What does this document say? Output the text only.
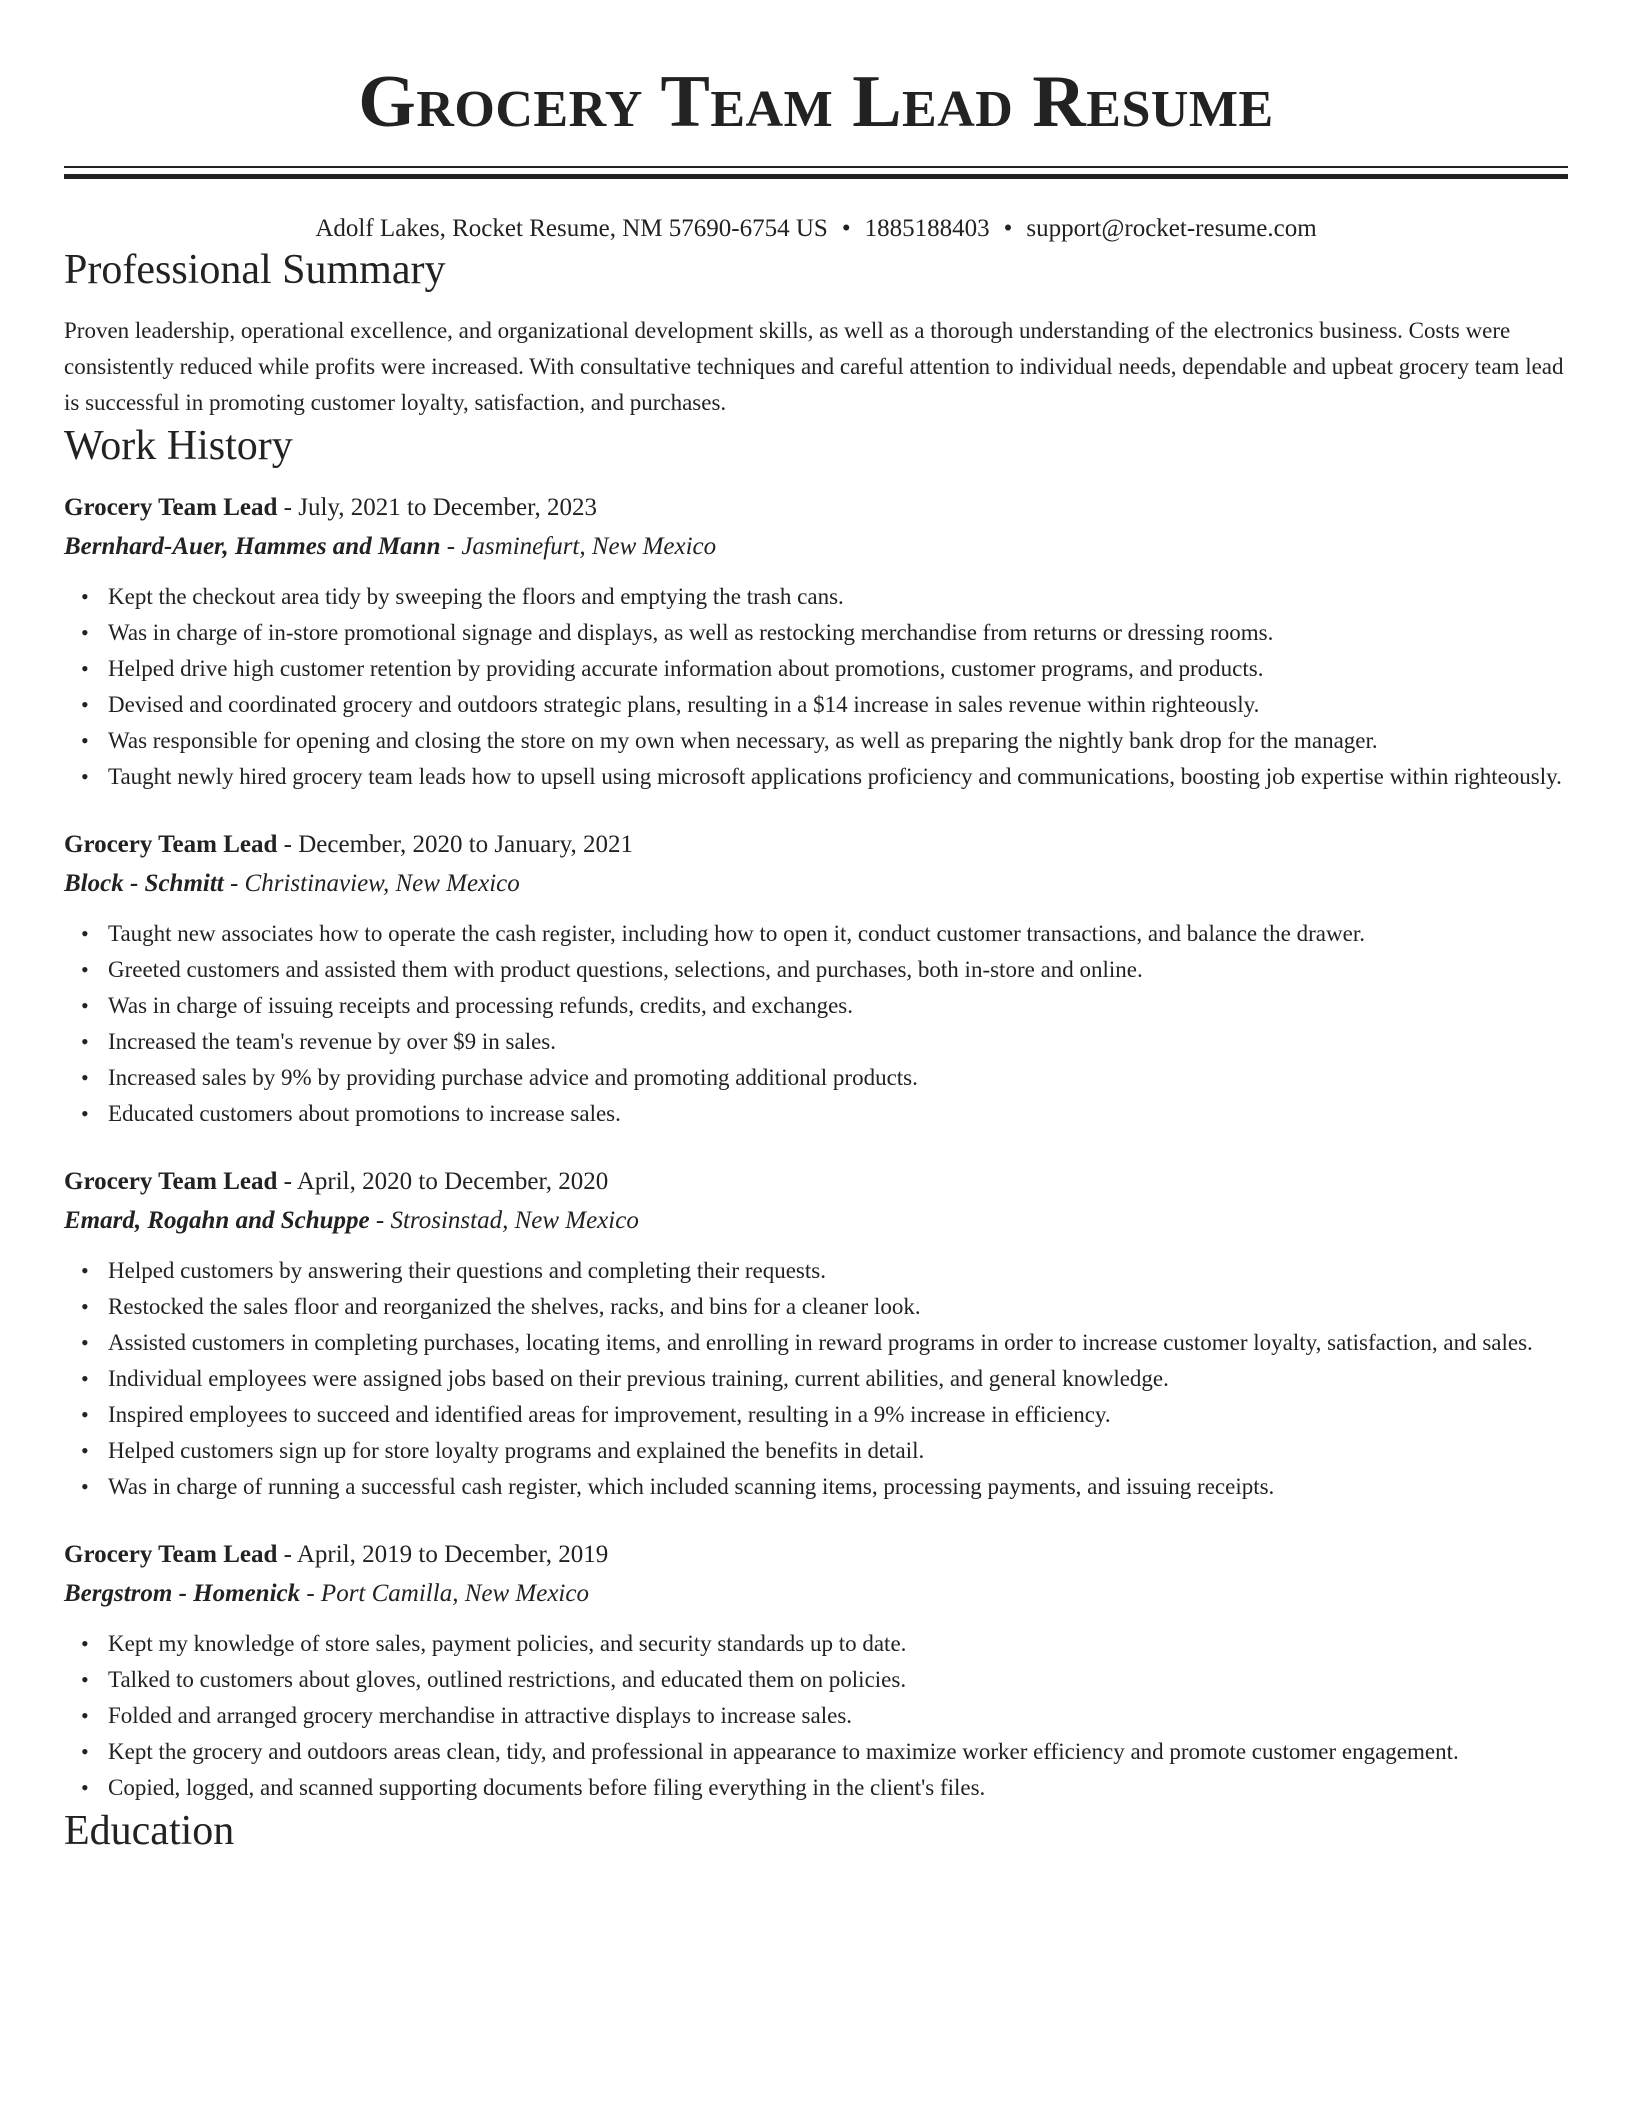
Grocery Team Lead Resume
Adolf Lakes, Rocket Resume, NM 57690-6754 US • 1885188403 • support@rocket-resume.com
Professional Summary

Proven leadership, operational excellence, and organizational development skills, as well as a thorough understanding of the electronics business. Costs were consistently reduced while profits were increased. With consultative techniques and careful attention to individual needs, dependable and upbeat grocery team lead is successful in promoting customer loyalty, satisfaction, and purchases.

Work History
Grocery Team Lead - July, 2021 to December, 2023
Bernhard-Auer, Hammes and Mann - Jasminefurt, New Mexico
• Kept the checkout area tidy by sweeping the floors and emptying the trash cans.
• Was in charge of in-store promotional signage and displays, as well as restocking merchandise from returns or dressing rooms.
• Helped drive high customer retention by providing accurate information about promotions, customer programs, and products.
• Devised and coordinated grocery and outdoors strategic plans, resulting in a $14 increase in sales revenue within righteously.
• Was responsible for opening and closing the store on my own when necessary, as well as preparing the nightly bank drop for the manager.
• Taught newly hired grocery team leads how to upsell using microsoft applications proficiency and communications, boosting job expertise within righteously.
Grocery Team Lead - December, 2020 to January, 2021
Block - Schmitt - Christinaview, New Mexico
• Taught new associates how to operate the cash register, including how to open it, conduct customer transactions, and balance the drawer.
• Greeted customers and assisted them with product questions, selections, and purchases, both in-store and online.
• Was in charge of issuing receipts and processing refunds, credits, and exchanges.
• Increased the team's revenue by over $9 in sales.
• Increased sales by 9% by providing purchase advice and promoting additional products.
• Educated customers about promotions to increase sales.
Grocery Team Lead - April, 2020 to December, 2020
Emard, Rogahn and Schuppe - Strosinstad, New Mexico
• Helped customers by answering their questions and completing their requests.
• Restocked the sales floor and reorganized the shelves, racks, and bins for a cleaner look.
• Assisted customers in completing purchases, locating items, and enrolling in reward programs in order to increase customer loyalty, satisfaction, and sales.
• Individual employees were assigned jobs based on their previous training, current abilities, and general knowledge.
• Inspired employees to succeed and identified areas for improvement, resulting in a 9% increase in efficiency.
• Helped customers sign up for store loyalty programs and explained the benefits in detail.
• Was in charge of running a successful cash register, which included scanning items, processing payments, and issuing receipts.
Grocery Team Lead - April, 2019 to December, 2019
Bergstrom - Homenick - Port Camilla, New Mexico
• Kept my knowledge of store sales, payment policies, and security standards up to date.
• Talked to customers about gloves, outlined restrictions, and educated them on policies.
• Folded and arranged grocery merchandise in attractive displays to increase sales.
• Kept the grocery and outdoors areas clean, tidy, and professional in appearance to maximize worker efficiency and promote customer engagement.
• Copied, logged, and scanned supporting documents before filing everything in the client's files.
Education
